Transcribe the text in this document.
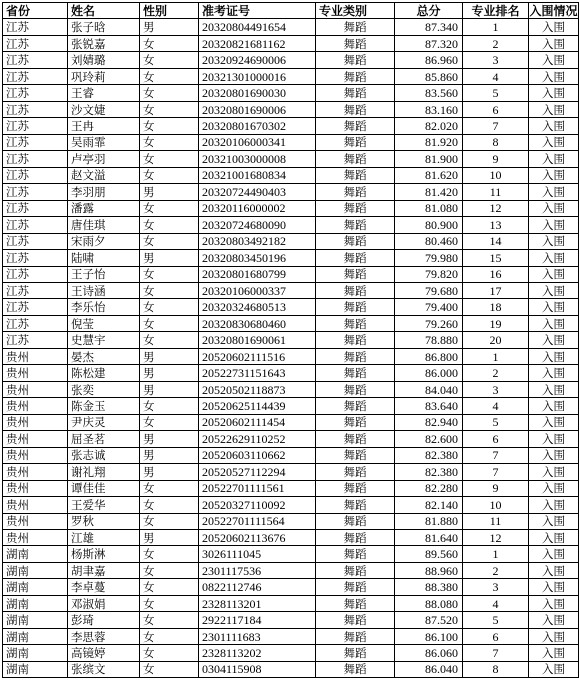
省份	姓名	性别	准考证号	专业类别	总分	专业排名	入围情况
江苏	张子晗	男	20320804491654	舞蹈	87.340	1	入围
江苏	张锐嘉	女	20320821681162	舞蹈	87.320	2	入围
江苏	刘婧璐	女	20320924690006	舞蹈	86.960	3	入围
江苏	巩玲莉	女	20321301000016	舞蹈	85.860	4	入围
江苏	王睿	女	20320801690030	舞蹈	83.560	5	入围
江苏	沙文婕	女	20320801690006	舞蹈	83.160	6	入围
江苏	王冉	女	20320801670302	舞蹈	82.020	7	入围
江苏	吴雨霏	女	20320106000341	舞蹈	81.920	8	入围
江苏	卢亭羽	女	20321003000008	舞蹈	81.900	9	入围
江苏	赵文溢	女	20321001680834	舞蹈	81.620	10	入围
江苏	李羽朋	男	20320724490403	舞蹈	81.420	11	入围
江苏	潘露	女	20320116000002	舞蹈	81.080	12	入围
江苏	唐佳琪	女	20320724680090	舞蹈	80.900	13	入围
江苏	宋雨夕	女	20320803492182	舞蹈	80.460	14	入围
江苏	陆啸	男	20320803450196	舞蹈	79.980	15	入围
江苏	王子怡	女	20320801680799	舞蹈	79.820	16	入围
江苏	王诗涵	女	20320106000337	舞蹈	79.680	17	入围
江苏	李乐怡	女	20320324680513	舞蹈	79.400	18	入围
江苏	倪莹	女	20320830680460	舞蹈	79.260	19	入围
江苏	史慧宇	女	20320801690061	舞蹈	78.880	20	入围
贵州	晏杰	男	20520602111516	舞蹈	86.800	1	入围
贵州	陈松建	男	20522731151643	舞蹈	86.000	2	入围
贵州	张奕	男	20520502118873	舞蹈	84.040	3	入围
贵州	陈金玉	女	20520625114439	舞蹈	83.640	4	入围
贵州	尹庆灵	女	20520602111454	舞蹈	82.940	5	入围
贵州	屈圣茗	男	20522629110252	舞蹈	82.600	6	入围
贵州	张志诚	男	20520603110662	舞蹈	82.380	7	入围
贵州	谢礼翔	男	20520527112294	舞蹈	82.380	7	入围
贵州	谭佳佳	女	20522701111561	舞蹈	82.280	9	入围
贵州	王爱华	女	20520327110092	舞蹈	82.140	10	入围
贵州	罗秋	女	20522701111564	舞蹈	81.880	11	入围
贵州	江雄	男	20520602113676	舞蹈	81.640	12	入围
湖南	杨斯淋	女	3026111045	舞蹈	89.560	1	入围
湖南	胡聿嘉	女	2301117536	舞蹈	88.960	2	入围
湖南	李卓蔓	女	0822112746	舞蹈	88.380	3	入围
湖南	邓淑娟	女	2328113201	舞蹈	88.080	4	入围
湖南	彭琦	女	2922117184	舞蹈	87.520	5	入围
湖南	李思蓉	女	2301111683	舞蹈	86.100	6	入围
湖南	高镜婷	女	2328113202	舞蹈	86.060	7	入围
湖南	张缤文	女	0304115908	舞蹈	86.040	8	入围
